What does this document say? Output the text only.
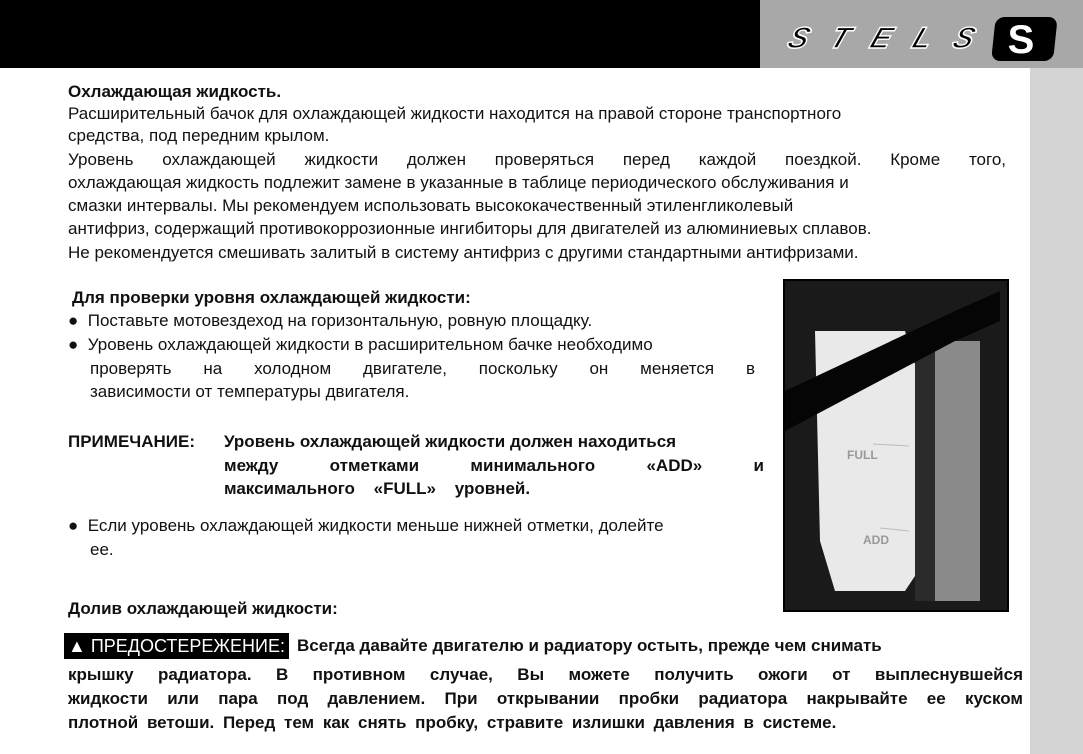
STELS S
Охлаждающая жидкость.
Расширительный бачок для охлаждающей жидкости находится на правой стороне транспортного
средства, под передним крылом.
Уровень охлаждающей жидкости должен проверяться перед каждой поездкой. Кроме того,
охлаждающая жидкость подлежит замене в указанные в таблице периодического обслуживания и
смазки интервалы. Мы рекомендуем использовать высококачественный этиленгликолевый
антифриз, содержащий противокоррозионные ингибиторы для двигателей из алюминиевых сплавов.
Не рекомендуется смешивать залитый в систему антифриз с другими стандартными антифризами.
Для проверки уровня охлаждающей жидкости:
●  Поставьте мотовездеход на горизонтальную, ровную площадку.
●  Уровень охлаждающей жидкости в расширительном бачке необходимо
проверять на холодном двигателе, поскольку он меняется в
зависимости от температуры двигателя.
ПРИМЕЧАНИЕ: Уровень охлаждающей жидкости должен находиться
между отметками минимального «ADD» и
максимального «FULL» уровней.
●  Если уровень охлаждающей жидкости меньше нижней отметки, долейте
ее.
FULL
ADD
Долив охлаждающей жидкости:
▲ ПРЕДОСТЕРЕЖЕНИЕ: Всегда давайте двигателю и радиатору остыть, прежде чем снимать
крышку радиатора. В противном случае, Вы можете получить ожоги от выплеснувшейся
жидкости или пара под давлением. При открывании пробки радиатора накрывайте ее куском
плотной ветоши. Перед тем как снять пробку, стравите излишки давления в системе.
